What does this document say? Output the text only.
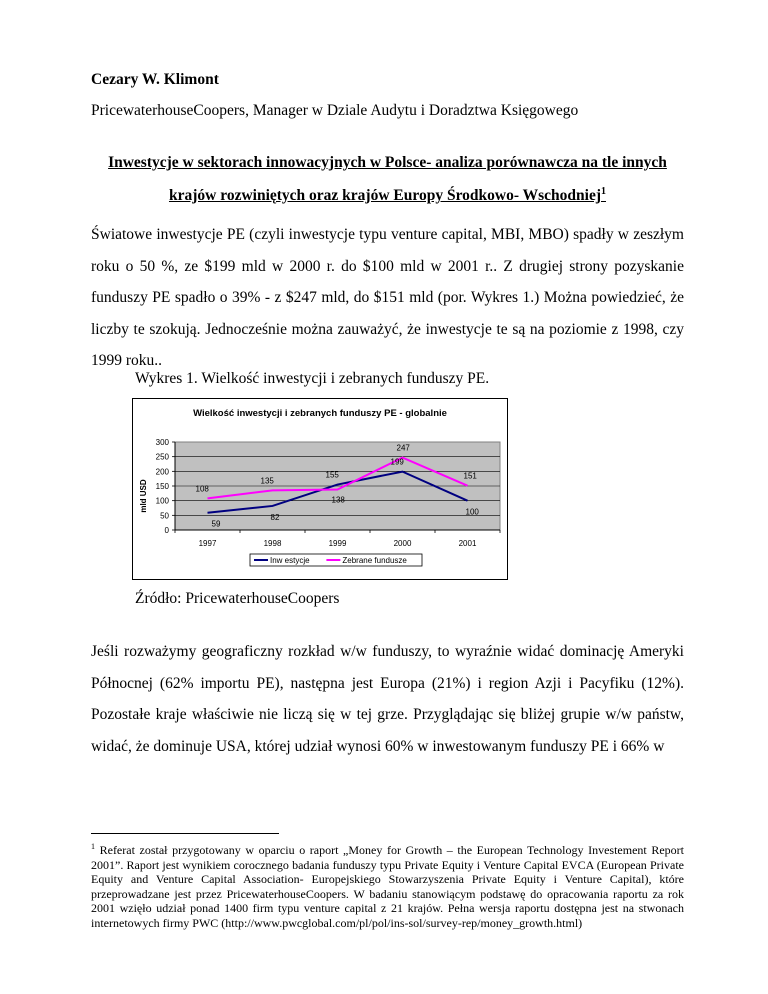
Cezary W. Klimont
PricewaterhouseCoopers, Manager w Dziale Audytu i Doradztwa Księgowego
Inwestycje w sektorach innowacyjnych w Polsce- analiza porównawcza na tle innych
krajów rozwiniętych oraz krajów Europy Środkowo- Wschodniej$^1$
Światowe inwestycje PE (czyli inwestycje typu venture capital, MBI, MBO) spadły w zeszłym roku o 50 %, ze $199 mld w 2000 r. do $100 mld w 2001 r.. Z drugiej strony pozyskanie funduszy PE spadło o 39% - z $247 mld, do $151 mld (por. Wykres 1.) Można powiedzieć, że liczby te szokują. Jednocześnie można zauważyć, że inwestycje te są na poziomie z 1998, czy 1999 roku..
Wykres 1. Wielkość inwestycji i zebranych funduszy PE.
Wielkość inwestycji i zebranych funduszy PE - globalnie
mld USD
0
50
100
150
200
250
300
1997	1998	1999	2000	2001
59
82
155
199
100
108
135
138
247
151
Inw estycje	Zebrane fundusze
Źródło: PricewaterhouseCoopers
Jeśli rozważymy geograficzny rozkład w/w funduszy, to wyraźnie widać dominację Ameryki Północnej (62% importu PE), następna jest Europa (21%) i region Azji i Pacyfiku (12%). Pozostałe kraje właściwie nie liczą się w tej grze. Przyglądając się bliżej grupie w/w państw, widać, że dominuje USA, której udział wynosi 60% w inwestowanym funduszy PE i 66% w
$^1$ Referat został przygotowany w oparciu o raport „Money for Growth – the European Technology Investement Report 2001”. Raport jest wynikiem corocznego badania funduszy typu Private Equity i Venture Capital EVCA (European Private Equity and Venture Capital Association- Europejskiego Stowarzyszenia Private Equity i Venture Capital), które przeprowadzane jest przez PricewaterhouseCoopers. W badaniu stanowiącym podstawę do opracowania raportu za rok 2001 wzięło udział ponad 1400 firm typu venture capital z 21 krajów. Pełna wersja raportu dostępna jest na stwonach internetowych firmy PWC (http://www.pwcglobal.com/pl/pol/ins-sol/survey-rep/money_growth.html)
